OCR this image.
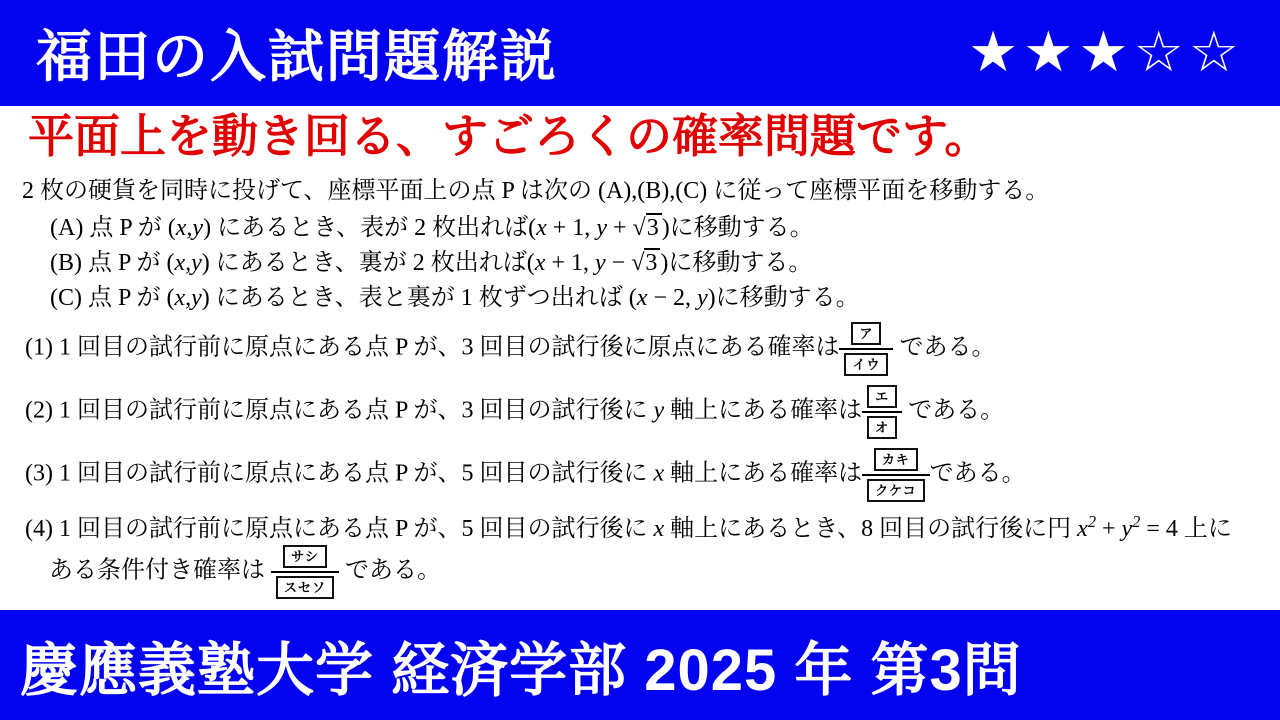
福田の入試問題解説	★★★☆☆
平面上を動き回る、すごろくの確率問題です。

2 枚の硬貨を同時に投げて、座標平面上の点 P は次の (A),(B),(C) に従って座標平面を移動する。

(A) 点 P が (x,y) にあるとき、表が 2 枚出れば(x + 1, y + √3 )に移動する。
(B) 点 P が (x,y) にあるとき、裏が 2 枚出れば(x + 1, y − √3 )に移動する。
(C) 点 P が (x,y) にあるとき、表と裏が 1 枚ずつ出れば (x − 2, y)に移動する。
(1) 1 回目の試行前に原点にある点 P が、3 回目の試行後に原点にある確率は $\frac{\text{ア}}{\text{イウ}}$ である。
(2) 1 回目の試行前に原点にある点 P が、3 回目の試行後に y 軸上にある確率は $\frac{\text{エ}}{\text{オ}}$ である。
(3) 1 回目の試行前に原点にある点 P が、5 回目の試行後に x 軸上にある確率は $\frac{\text{カキ}}{\text{クケコ}}$ である。
(4) 1 回目の試行前に原点にある点 P が、5 回目の試行後に x 軸上にあるとき、8 回目の試行後に円 $x^2 + y^2 = 4$ 上に
ある条件付き確率は $\frac{\text{サシ}}{\text{スセソ}}$ である。
慶應義塾大学 経済学部 2025 年 第3問
